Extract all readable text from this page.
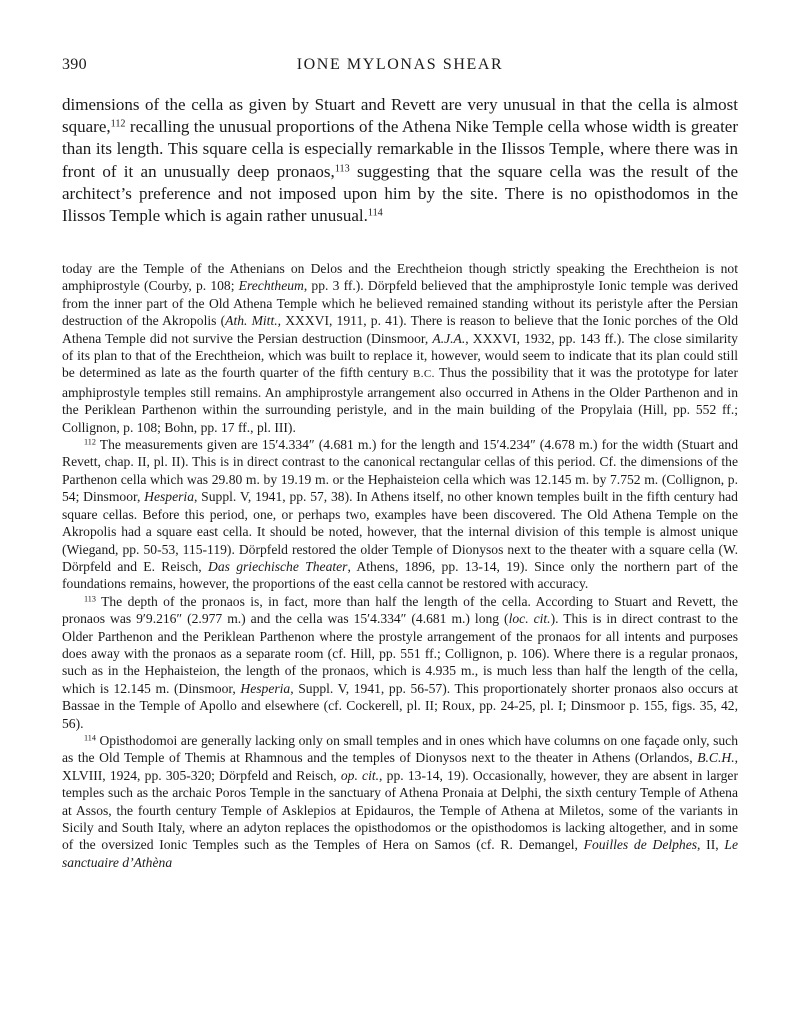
390	IONE MYLONAS SHEAR

dimensions of the cella as given by Stuart and Revett are very unusual in that the cella is almost square,$^{112}$ recalling the unusual proportions of the Athena Nike Temple cella whose width is greater than its length. This square cella is especially remarkable in the Ilissos Temple, where there was in front of it an unusually deep pronaos,$^{113}$ suggesting that the square cella was the result of the architect’s preference and not imposed upon him by the site. There is no opisthodomos in the Ilissos Temple which is again rather unusual.$^{114}$

today are the Temple of the Athenians on Delos and the Erechtheion though strictly speaking the Erechtheion is not amphiprostyle (Courby, p. 108; Erechtheum, pp. 3 ff.). Dörpfeld believed that the amphiprostyle Ionic temple was derived from the inner part of the Old Athena Temple which he believed remained standing without its peristyle after the Persian destruction of the Akropolis (Ath. Mitt., XXXVI, 1911, p. 41). There is reason to believe that the Ionic porches of the Old Athena Temple did not survive the Persian destruction (Dinsmoor, A.J.A., XXXVI, 1932, pp. 143 ff.). The close similarity of its plan to that of the Erechtheion, which was built to replace it, however, would seem to indicate that its plan could still be determined as late as the fourth quarter of the fifth century B.C. Thus the possibility that it was the prototype for later amphiprostyle temples still remains. An amphiprostyle arrangement also occurred in Athens in the Older Parthenon and in the Periklean Parthenon within the surrounding peristyle, and in the main building of the Propylaia (Hill, pp. 552 ff.; Collignon, p. 108; Bohn, pp. 17 ff., pl. III).

$^{112}$ The measurements given are 15′4.334″ (4.681 m.) for the length and 15′4.234″ (4.678 m.) for the width (Stuart and Revett, chap. II, pl. II). This is in direct contrast to the canonical rectangular cellas of this period. Cf. the dimensions of the Parthenon cella which was 29.80 m. by 19.19 m. or the Hephaisteion cella which was 12.145 m. by 7.752 m. (Collignon, p. 54; Dinsmoor, Hesperia, Suppl. V, 1941, pp. 57, 38). In Athens itself, no other known temples built in the fifth century had square cellas. Before this period, one, or perhaps two, examples have been discovered. The Old Athena Temple on the Akropolis had a square east cella. It should be noted, however, that the internal division of this temple is almost unique (Wiegand, pp. 50-53, 115-119). Dörpfeld restored the older Temple of Dionysos next to the theater with a square cella (W. Dörpfeld and E. Reisch, Das griechische Theater, Athens, 1896, pp. 13-14, 19). Since only the northern part of the foundations remains, however, the proportions of the east cella cannot be restored with accuracy.

$^{113}$ The depth of the pronaos is, in fact, more than half the length of the cella. According to Stuart and Revett, the pronaos was 9′9.216″ (2.977 m.) and the cella was 15′4.334″ (4.681 m.) long (loc. cit.). This is in direct contrast to the Older Parthenon and the Periklean Parthenon where the prostyle arrangement of the pronaos for all intents and purposes does away with the pronaos as a separate room (cf. Hill, pp. 551 ff.; Collignon, p. 106). Where there is a regular pronaos, such as in the Hephaisteion, the length of the pronaos, which is 4.935 m., is much less than half the length of the cella, which is 12.145 m. (Dinsmoor, Hesperia, Suppl. V, 1941, pp. 56-57). This proportionately shorter pronaos also occurs at Bassae in the Temple of Apollo and elsewhere (cf. Cockerell, pl. II; Roux, pp. 24-25, pl. I; Dinsmoor p. 155, figs. 35, 42, 56).

$^{114}$ Opisthodomoi are generally lacking only on small temples and in ones which have columns on one façade only, such as the Old Temple of Themis at Rhamnous and the temples of Dionysos next to the theater in Athens (Orlandos, B.C.H., XLVIII, 1924, pp. 305-320; Dörpfeld and Reisch, op. cit., pp. 13-14, 19). Occasionally, however, they are absent in larger temples such as the archaic Poros Temple in the sanctuary of Athena Pronaia at Delphi, the sixth century Temple of Athena at Assos, the fourth century Temple of Asklepios at Epidauros, the Temple of Athena at Miletos, some of the variants in Sicily and South Italy, where an adyton replaces the opisthodomos or the opisthodomos is lacking altogether, and in some of the oversized Ionic Temples such as the Temples of Hera on Samos (cf. R. Demangel, Fouilles de Delphes, II, Le sanctuaire d’Athèna
